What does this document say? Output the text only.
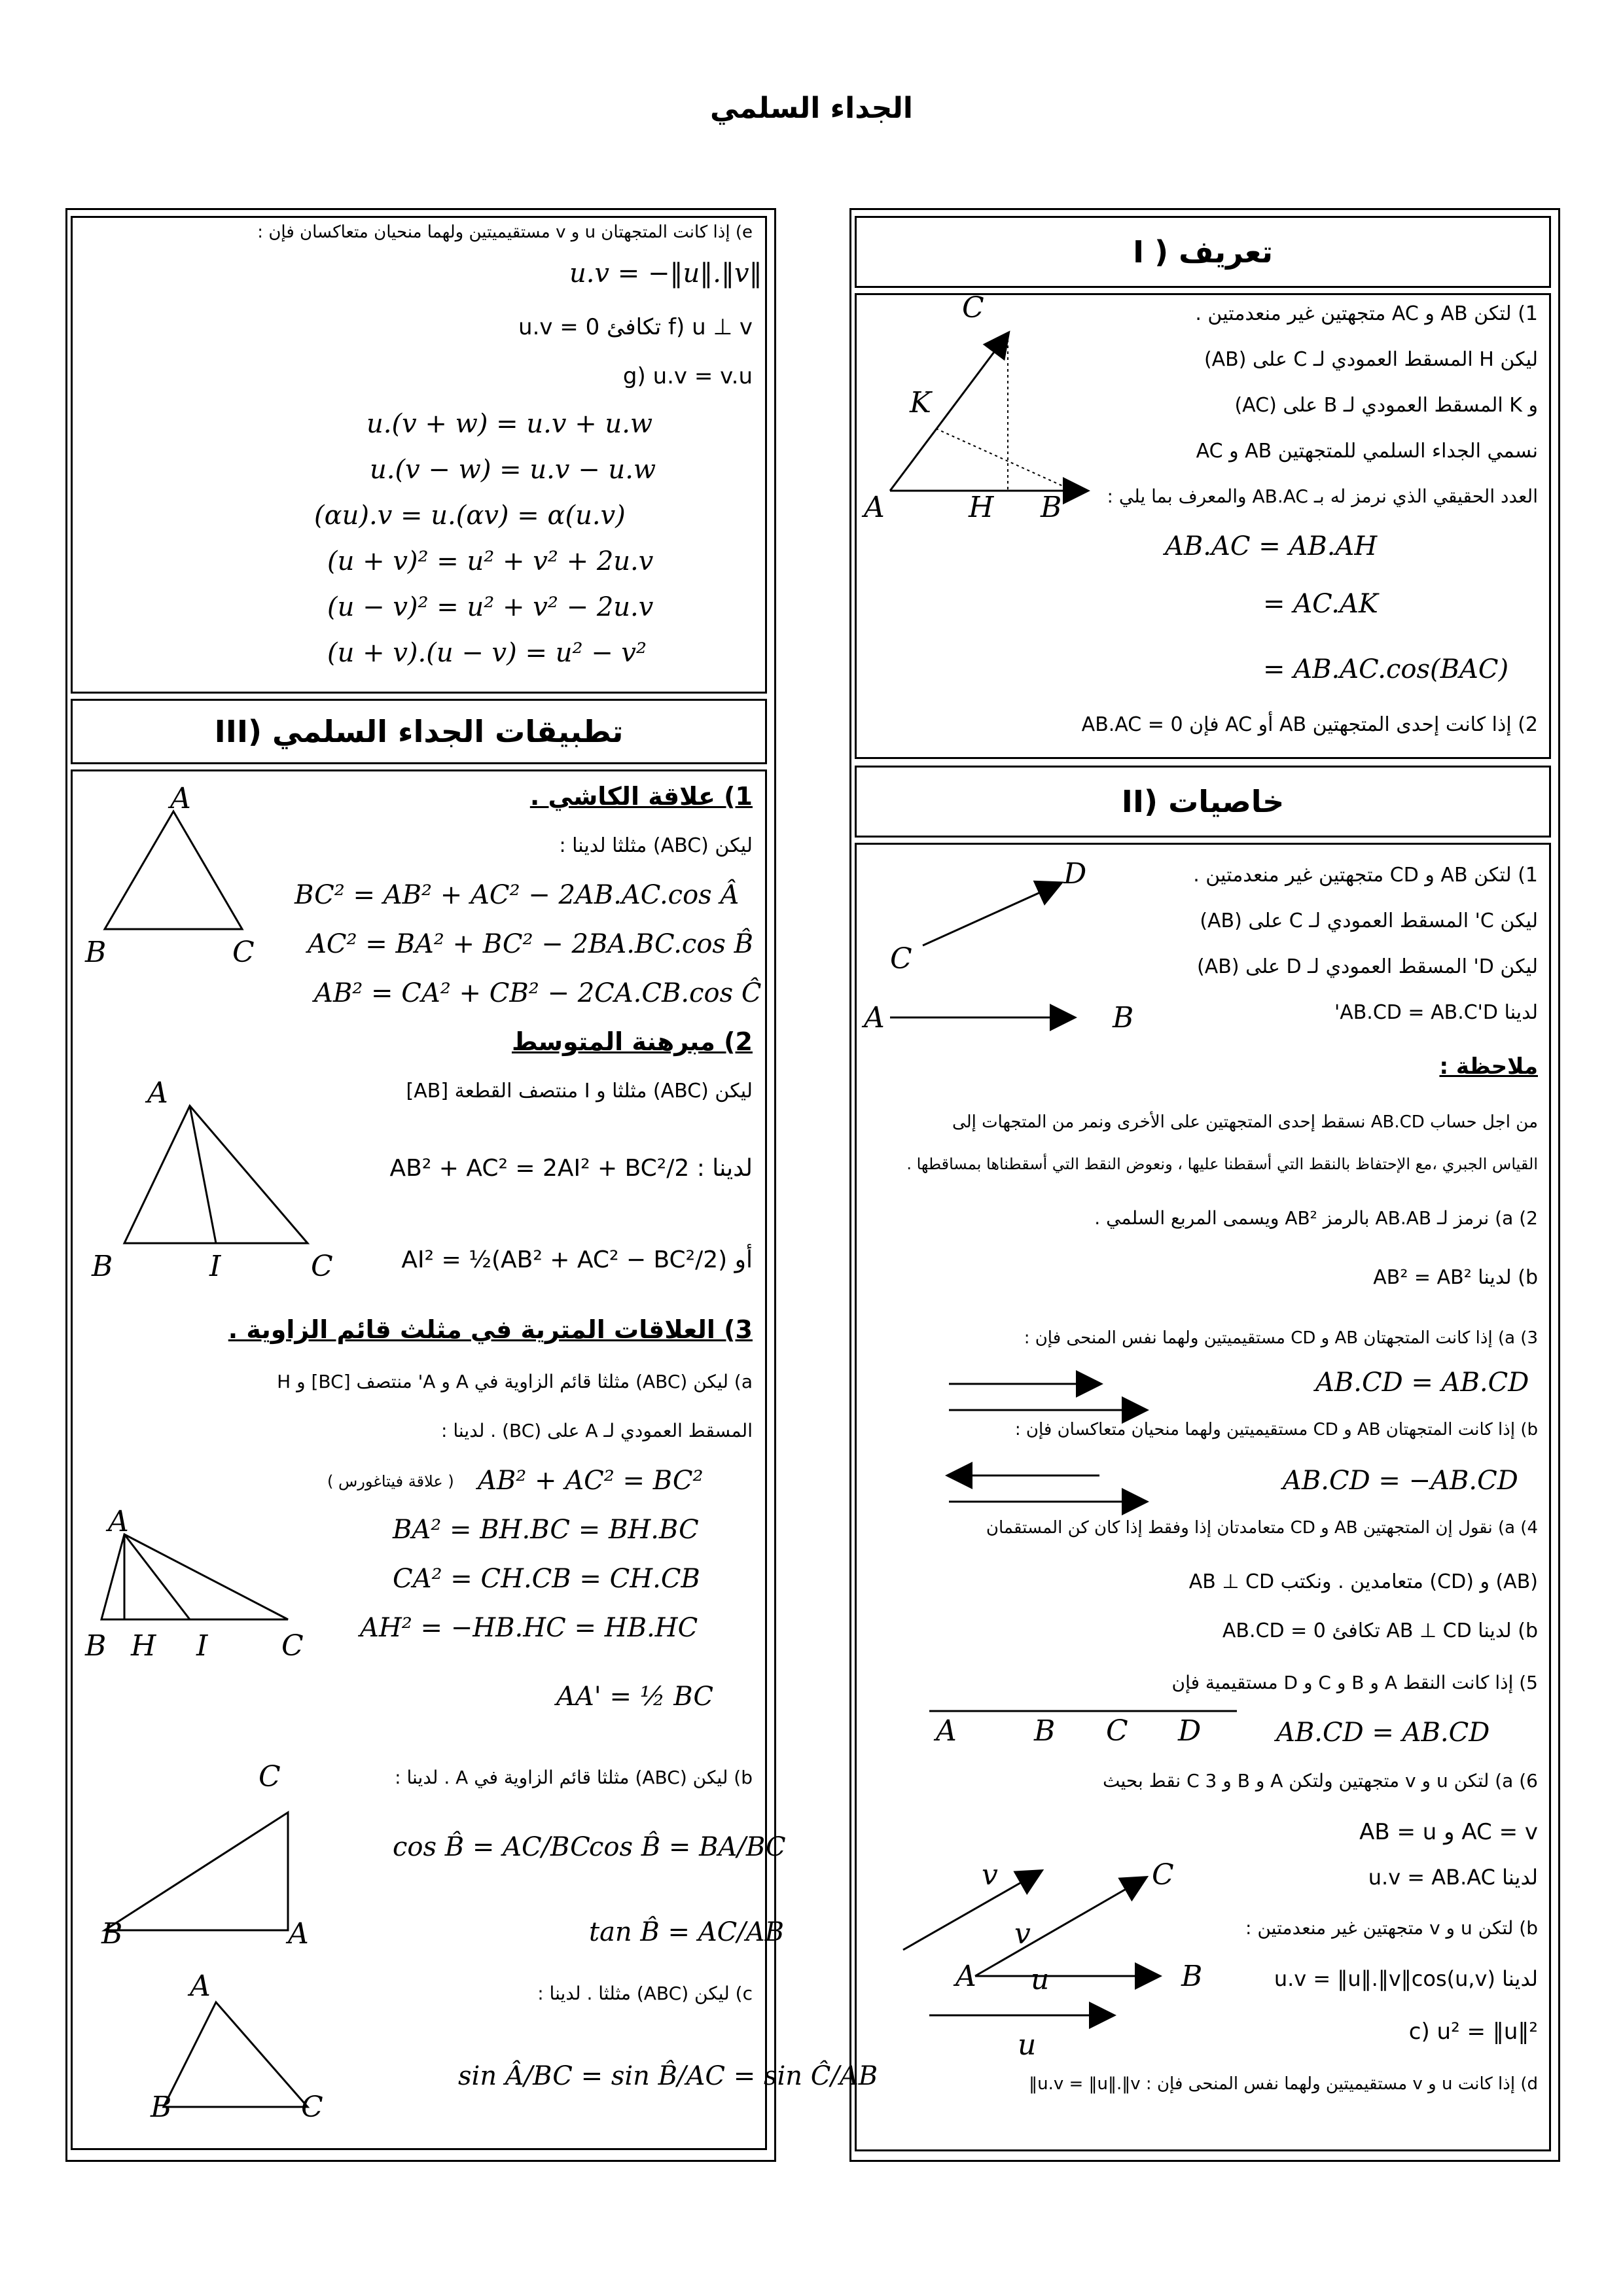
الجداء السلمي
تعريف ( I
C
K
A	H B
1) لتكن AB و AC متجهتين غير منعدمتين .
ليكن H المسقط العمودي لـ C على (AB)
و K المسقط العمودي لـ B على (AC)
نسمي الجداء السلمي للمتجهتين AB و AC
العدد الحقيقي الذي نرمز له بـ AB.AC والمعرف بما يلي :
AB.AC = AB.AH
= AC.AK
= AB.AC.cos(BAC)
2) إذا كانت إحدى المتجهتين AB أو AC فإن 0 = AB.AC
خاصيات (II
D
C
A	B
1) لتكن AB و CD متجهتين غير منعدمتين .
ليكن C' المسقط العمودي لـ C على (AB)
ليكن D' المسقط العمودي لـ D على (AB)
لدينا AB.CD = AB.C'D'
ملاحظة :
من اجل حساب AB.CD نسقط إحدى المتجهتين على الأخرى ونمر من المتجهات إلى
القياس الجبري ،مع الإحتفاظ بالنقط التي أسقطنا عليها ، ونعوض النقط التي أسقطناها بمساقطها .
2) a) نرمز لـ AB.AB بالرمز AB² ويسمى المربع السلمي .
b) لدينا AB² = AB²
3) a) إذا كانت المتجهتان AB و CD مستقيميتين ولهما نفس المنحى فإن :
AB.CD = AB.CD
b) إذا كانت المتجهتان AB و CD مستقيميتين ولهما منحيان متعاكسان فإن :
AB.CD = −AB.CD
4) a) نقول إن المتجهتين AB و CD متعامدتان إذا وفقط إذا كان كن المستقمان
(AB) و (CD) متعامدين . ونكتب AB ⊥ CD
b) لدينا AB ⊥ CD تكافئ AB.CD = 0
5) إذا كانت النقط A و B و C و D مستقيمية فإن
A	B C D	AB.CD = AB.CD
6) a) لتكن u و v متجهتين ولتكن A و B و C 3 نقط بحيث
AC = v و AB = u
لدينا u.v = AB.AC
v	C
v
A u	B
u
b) لتكن u و v متجهتين غير منعدمتين :
لدينا u.v = ‖u‖.‖v‖cos(u,v)
c) u² = ‖u‖²
d) إذا كانت u و v مستقيميتين ولهما نفس المنحى فإن : u.v = ‖u‖.‖v‖
e) إذا كانت المتجهتان u و v مستقيميتين ولهما منحيان متعاكسان فإن :
u.v = −‖u‖.‖v‖
f) u ⊥ v تكافئ u.v = 0
g) u.v = v.u
u.(v + w) = u.v + u.w
u.(v − w) = u.v − u.w
(αu).v = u.(αv) = α(u.v)
(u + v)² = u² + v² + 2u.v
(u − v)² = u² + v² − 2u.v
(u + v).(u − v) = u² − v²
تطبيقات الجداء السلمي (III
A
B	C
1) علاقة الكاشي .
ليكن (ABC) مثلثا لدينا :
BC² = AB² + AC² − 2AB.AC.cos Â
AC² = BA² + BC² − 2BA.BC.cos B̂
AB² = CA² + CB² − 2CA.CB.cos Ĉ
2) مبرهنة المتوسط
A
B	I	C
ليكن (ABC) مثلثا و I منتصف القطعة [AB]
لدينا : AB² + AC² = 2AI² + BC²/2
أو AI² = ½(AB² + AC² − BC²/2)
3) العلاقات المترية في مثلث قائم الزاوية .
a) ليكن (ABC) مثلثا قائم الزاوية في A و A' منتصف [BC] و H
المسقط العمودي لـ A على (BC) . لدينا :
AB² + AC² = BC²
( علاقة فيتاغورس )
BA² = BH.BC = BH.BC
CA² = CH.CB = CH.CB
AH² = −HB.HC = HB.HC
AA' = ½ BC
A
B H I	C
b) ليكن (ABC) مثلثا قائم الزاوية في A . لدينا :
C
B	A
cos B̂ = AC/BC
cos B̂ = BA/BC
tan B̂ = AC/AB
c) ليكن (ABC) مثلثا . لدينا :
A
B	C
sin Â/BC = sin B̂/AC = sin Ĉ/AB
